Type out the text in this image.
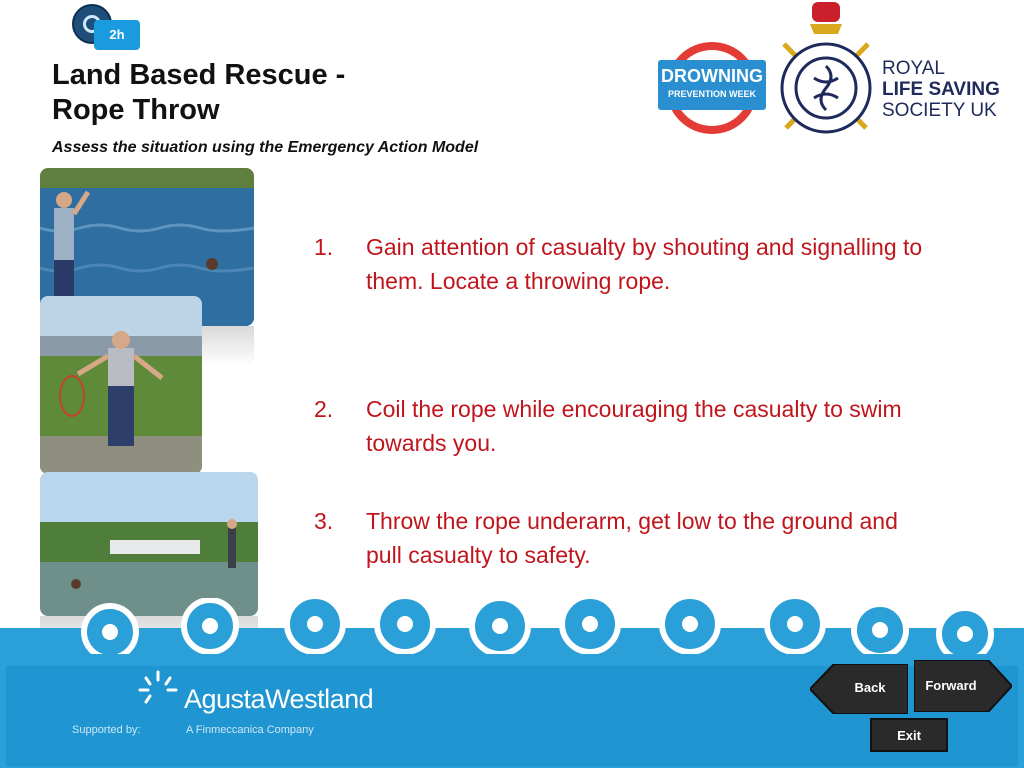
2h
Land Based Rescue -
Rope Throw
Assess the situation using the Emergency Action Model
DROWNING
PREVENTION WEEK
ROYAL
LIFE SAVING
SOCIETY UK
1.	Gain attention of casualty by shouting and signalling to them. Locate a throwing rope.
2.	Coil the rope while encouraging the casualty to swim towards you.
3.	Throw the rope underarm, get low to the ground and pull casualty to safety.
AgustaWestland
A Finmeccanica Company
Supported by:
Back	Forward
Exit
